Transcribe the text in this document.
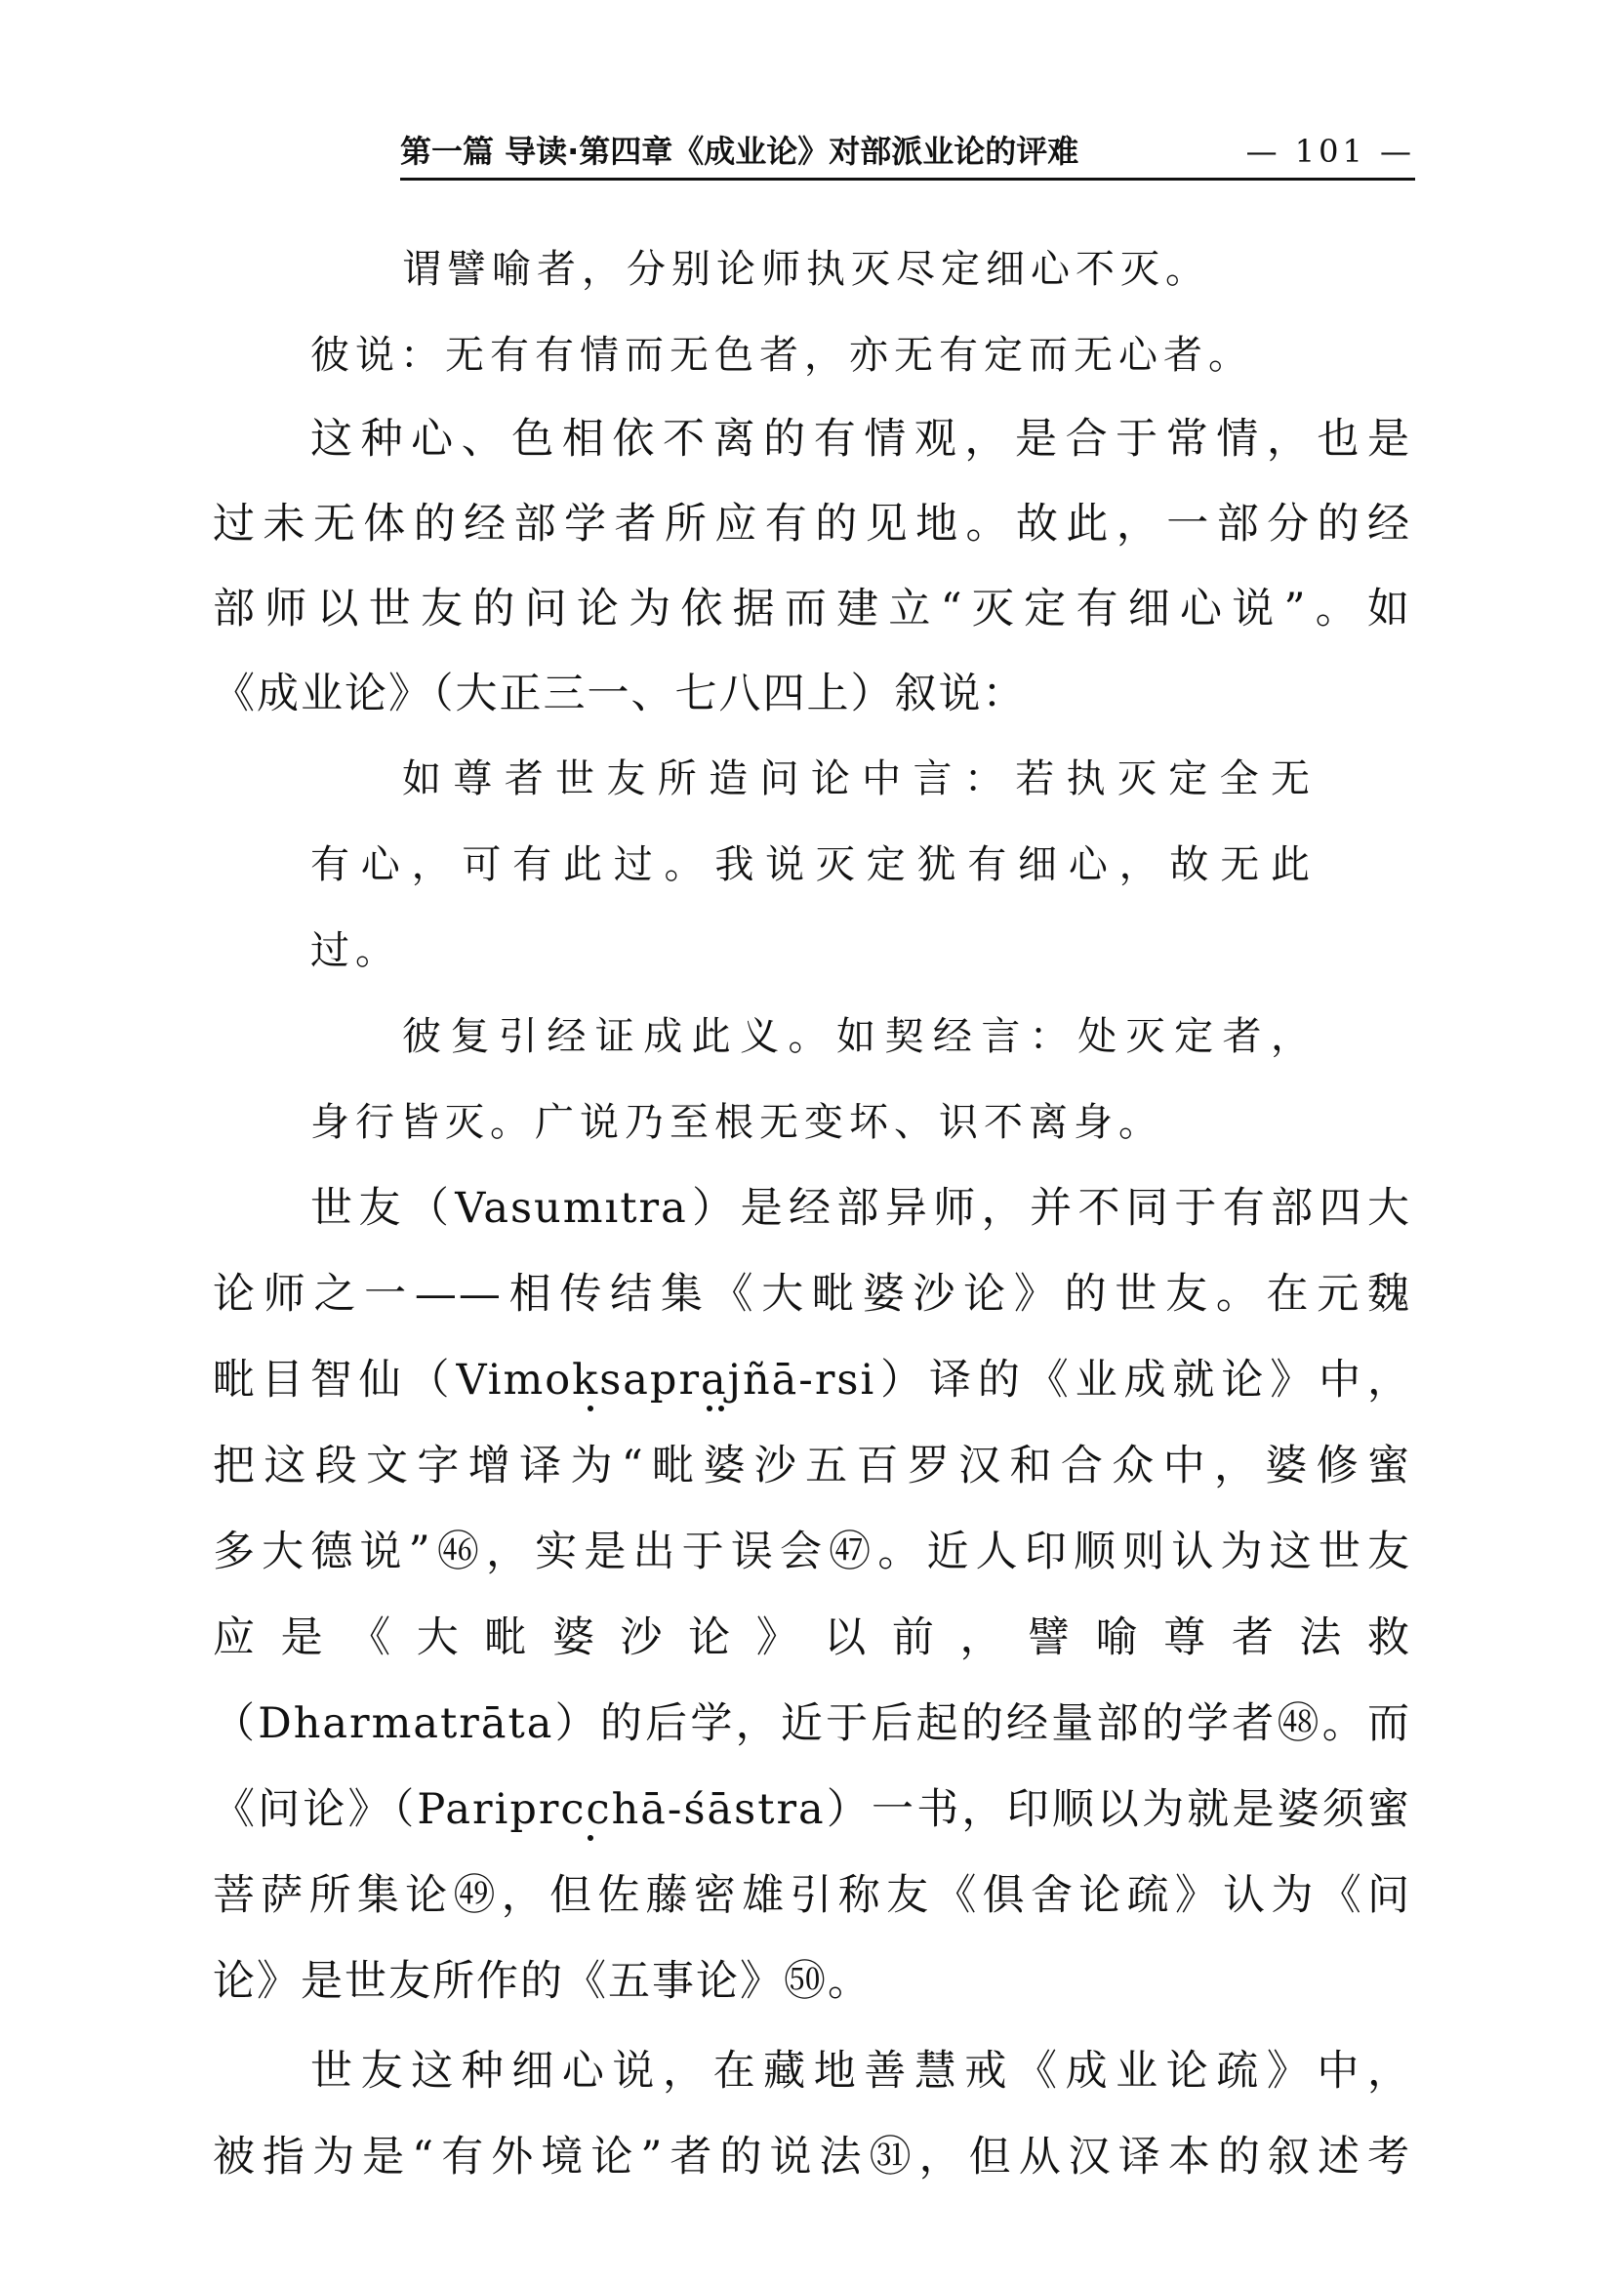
第一篇 导读·第四章《成业论》对部派业论的评难	— 101 —
谓譬喻者，分别论师执灭尽定细心不灭。
彼说：无有有情而无色者，亦无有定而无心者。
这种心、色相依不离的有情观，是合于常情，也是
过未无体的经部学者所应有的见地。故此，一部分的经
部师以世友的问论为依据而建立“灭定有细心说”。如
《成业论》（大正三一、七八四上）叙说：
如尊者世友所造问论中言：若执灭定全无
有心，可有此过。我说灭定犹有细心，故无此
过。
彼复引经证成此义。如契经言：处灭定者，
身行皆灭。广说乃至根无变坏、识不离身。
世友（Vasumıtra）是经部异师，并不同于有部四大
论师之一——相传结集《大毗婆沙论》的世友。在元魏
毗目智仙（Vimoksaprajñā-rsi）译的《业成就论》中，
把这段文字增译为“毗婆沙五百罗汉和合众中，婆修蜜
多大德说”㊻，实是出于误会㊼。近人印顺则认为这世友
应是《大毗婆沙论》以前，譬喻尊者法救
（Dharmatrāta）的后学，近于后起的经量部的学者㊽。而
《问论》（Pariprcchā-śāstra）一书，印顺以为就是婆须蜜
菩萨所集论㊾，但佐藤密雄引称友《俱舍论疏》认为《问
论》是世友所作的《五事论》㊿。
世友这种细心说，在藏地善慧戒《成业论疏》中，
被指为是“有外境论”者的说法㉛，但从汉译本的叙述考
